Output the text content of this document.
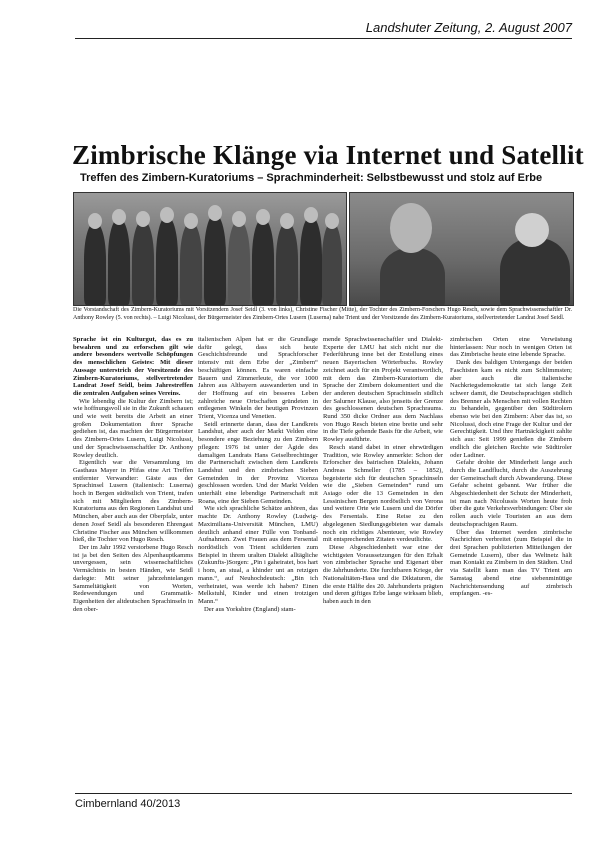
Landshuter Zeitung, 2. August 2007
Zimbrische Klänge via Internet und Satellit
Treffen des Zimbern-Kuratoriums – Sprachminderheit: Selbstbewusst und stolz auf Erbe
Die Vorstandschaft des Zimbern-Kuratoriums mit Vorsitzendem Josef Seidl (3. von links), Christine Fischer (Mitte), der Tochter des Zimbern-Forschers Hugo Resch, sowie dem Sprachwissenschaftler Dr. Anthony Rowley (5. von rechts). – Luigi Nicolussi, der Bürgermeister des Zimbern-Ortes Lusern (Luserna) nahe Trient und der Vorsitzende des Zimbern-Kuratoriums, stellvertretender Landrat Josef Seidl.

Sprache ist ein Kulturgut, das es zu bewahren und zu erforschen gilt wie andere besonders wertvolle Schöpfungen des menschlichen Geistes: Mit dieser Aussage unterstrich der Vorsitzende des Zimbern-Kuratoriums, stellvertretender Landrat Josef Seidl, beim Jahrestreffen die zentralen Aufgaben seines Vereins.

Wie lebendig die Kultur der Zimbern ist; wie hoffnungsvoll sie in die Zukunft schauen und wie weit bereits die Arbeit an einer großen Dokumentation ihrer Sprache gediehen ist, das machten der Bürgermeister des Zimbern-Ortes Lusern, Luigi Nicolussi, und der Sprachwissenschaftler Dr. Anthony Rowley deutlich.

Eigentlich war die Versammlung im Gasthaus Mayer in Pfifas eine Art Treffen entfernter Verwandter: Gäste aus der Sprachinsel Lusern (italienisch: Luserna) hoch in Bergen südöstlich von Trient, trafen sich mit Mitgliedern des Zimbern-Kuratoriums aus den Regionen Landshut und München, aber auch aus der Oberpfalz, unter denen Josef Seidl als besonderen Ehrengast Christine Fischer aus München willkommen hieß, die Tochter von Hugo Resch.

Der im Jahr 1992 verstorbene Hugo Resch ist ja bei den Seiten des Alpenhauptkamms unvergessen, sein wissenschaftliches Vermächtnis in besten Händen, wie Seidl darlegte: Mit seiner jahrzehntelangen Sammeltätigkeit von Worten, Redewendungen und Grammatik-Eigenheiten der altdeutschen Sprachinseln in den ober-

italienischen Alpen hat er die Grundlage dafür gelegt, dass sich heute Geschichtsfreunde und Sprachforscher intensiv mit dem Erbe der „Zimbern“ beschäftigen können. Es waren einfache Bauern und Zimmerleute, die vor 1000 Jahren aus Altbayern auswanderten und in der Hoffnung auf ein besseres Leben zahlreiche neue Ortschaften gründeten in entlegenen Winkeln der heutigen Provinzen Trient, Vicenza und Venetien.

Seidl erinnerte daran, dass der Landkreis Landshut, aber auch der Markt Velden eine besondere enge Beziehung zu den Zimbern pflegen: 1976 ist unter der Ägide des damaligen Landrats Hans Geiselbrechtinger die Partnerschaft zwischen dem Landkreis Landshut und den zimbrischen Sieben Gemeinden in der Provinz Vicenza geschlossen worden. Und der Markt Velden unterhält eine lebendige Partnerschaft mit Roana, eine der Sieben Gemeinden.

Wie sich sprachliche Schätze anhören, das machte Dr. Anthony Rowley (Ludwig-Maximilians-Universität München, LMU) deutlich anhand einer Fülle von Tonband-Aufnahmen. Zwei Frauen aus dem Fersental nordöstlich von Trient schilderten zum Beispiel in ihrem uralten Dialekt alltägliche (Zukunfts-)Sorgen: „Pin i gaheiratet, bos hart i hom, an stual, a khinder unt an retzigen mann.“, auf Neuhochdeutsch: „Bin ich verheiratet, was werde ich haben? Einen Melkstuhl, Kinder und einen trotzigen Mann.“

Der aus Yorkshire (England) stam-

mende Sprachwissenschaftler und Dialekt-Experte der LMU hat sich nicht nur die Federführung inne bei der Erstellung eines neuen Bayerischen Wörterbuchs. Rowley zeichnet auch für ein Projekt verantwortlich, mit dem das Zimbern-Kuratorium die Sprache der Zimbern dokumentiert und die der anderen deutschen Sprachinseln südlich der Salurner Klause, also jenseits der Grenze des geschlossenen deutschen Sprachraums. Rund 350 dicke Ordner aus dem Nachlass von Hugo Resch bieten eine breite und sehr in die Tiefe gehende Basis für die Arbeit, wie Rowley ausführte.

Resch stand dabei in einer ehrwürdigen Tradition, wie Rowley anmerkte: Schon der Erforscher des bairischen Dialekts, Johann Andreas Schmeller (1785 – 1852), begeisterte sich für deutschen Sprachinseln wie die „Sieben Gemeinden“ rund um Asiago oder die 13 Gemeinden in den Lessinischen Bergen nordöstlich von Verona und weitere Orte wie Lusern und die Dörfer des Fersentals. Eine Reise zu den abgelegenen Siedlungsgebieten war damals noch ein richtiges Abenteuer, wie Rowley mit entsprechenden Zitaten verdeutlichte.

Diese Abgeschiedenheit war eine der wichtigsten Voraussetzungen für den Erhalt von zimbrischer Sprache und Eigenart über die Jahrhunderte. Die furchtbaren Kriege, der Nationalitäten-Hass und die Diktaturen, die die erste Hälfte des 20. Jahrhunderts prägten und deren giftiges Erbe lange wirksam blieb, haben auch in den

zimbrischen Orten eine Verwüstung hinterlassen: Nur noch in wenigen Orten ist das Zimbrische heute eine lebende Sprache.

Dank des baldigen Untergangs der beiden Faschisten kam es nicht zum Schlimmsten; aber auch die italienische Nachkriegsdemokratie tat sich lange Zeit schwer damit, die Deutschsprachigen südlich des Brenner als Menschen mit vollen Rechten zu behandeln, gegenüber den Südtirolern ebenso wie bei den Zimbern: Aber das ist, so Nicolussi, doch eine Frage der Kultur und der Gerechtigkeit. Und ihre Hartnäckigkeit zahlte sich aus: Seit 1999 genießen die Zimbern endlich die gleichen Rechte wie Südtiroler oder Ladiner.

Gefahr drohte der Minderheit lange auch durch die Landflucht, durch die Auszehrung der Gemeinschaft durch Abwanderung. Diese Gefahr scheint gebannt. War früher die Abgeschiedenheit der Schutz der Minderheit, ist man nach Nicolussis Worten heute froh über die gute Verkehrsverbindungen: Über sie rollen auch viele Touristen an aus dem deutschsprachigen Raum.

Über das Internet werden zimbrische Nachrichten verbreitet (zum Beispiel die in drei Sprachen publizierten Mitteilungen der Gemeinde Lusern), über das Weltnetz hält man Kontakt zu Zimbern in den Städten. Und via Satellit kann man das TV Trient am Samstag abend eine siebenminütige Nachrichtensendung auf zimbrisch empfangen. -es-

Cimbernland 40/2013
